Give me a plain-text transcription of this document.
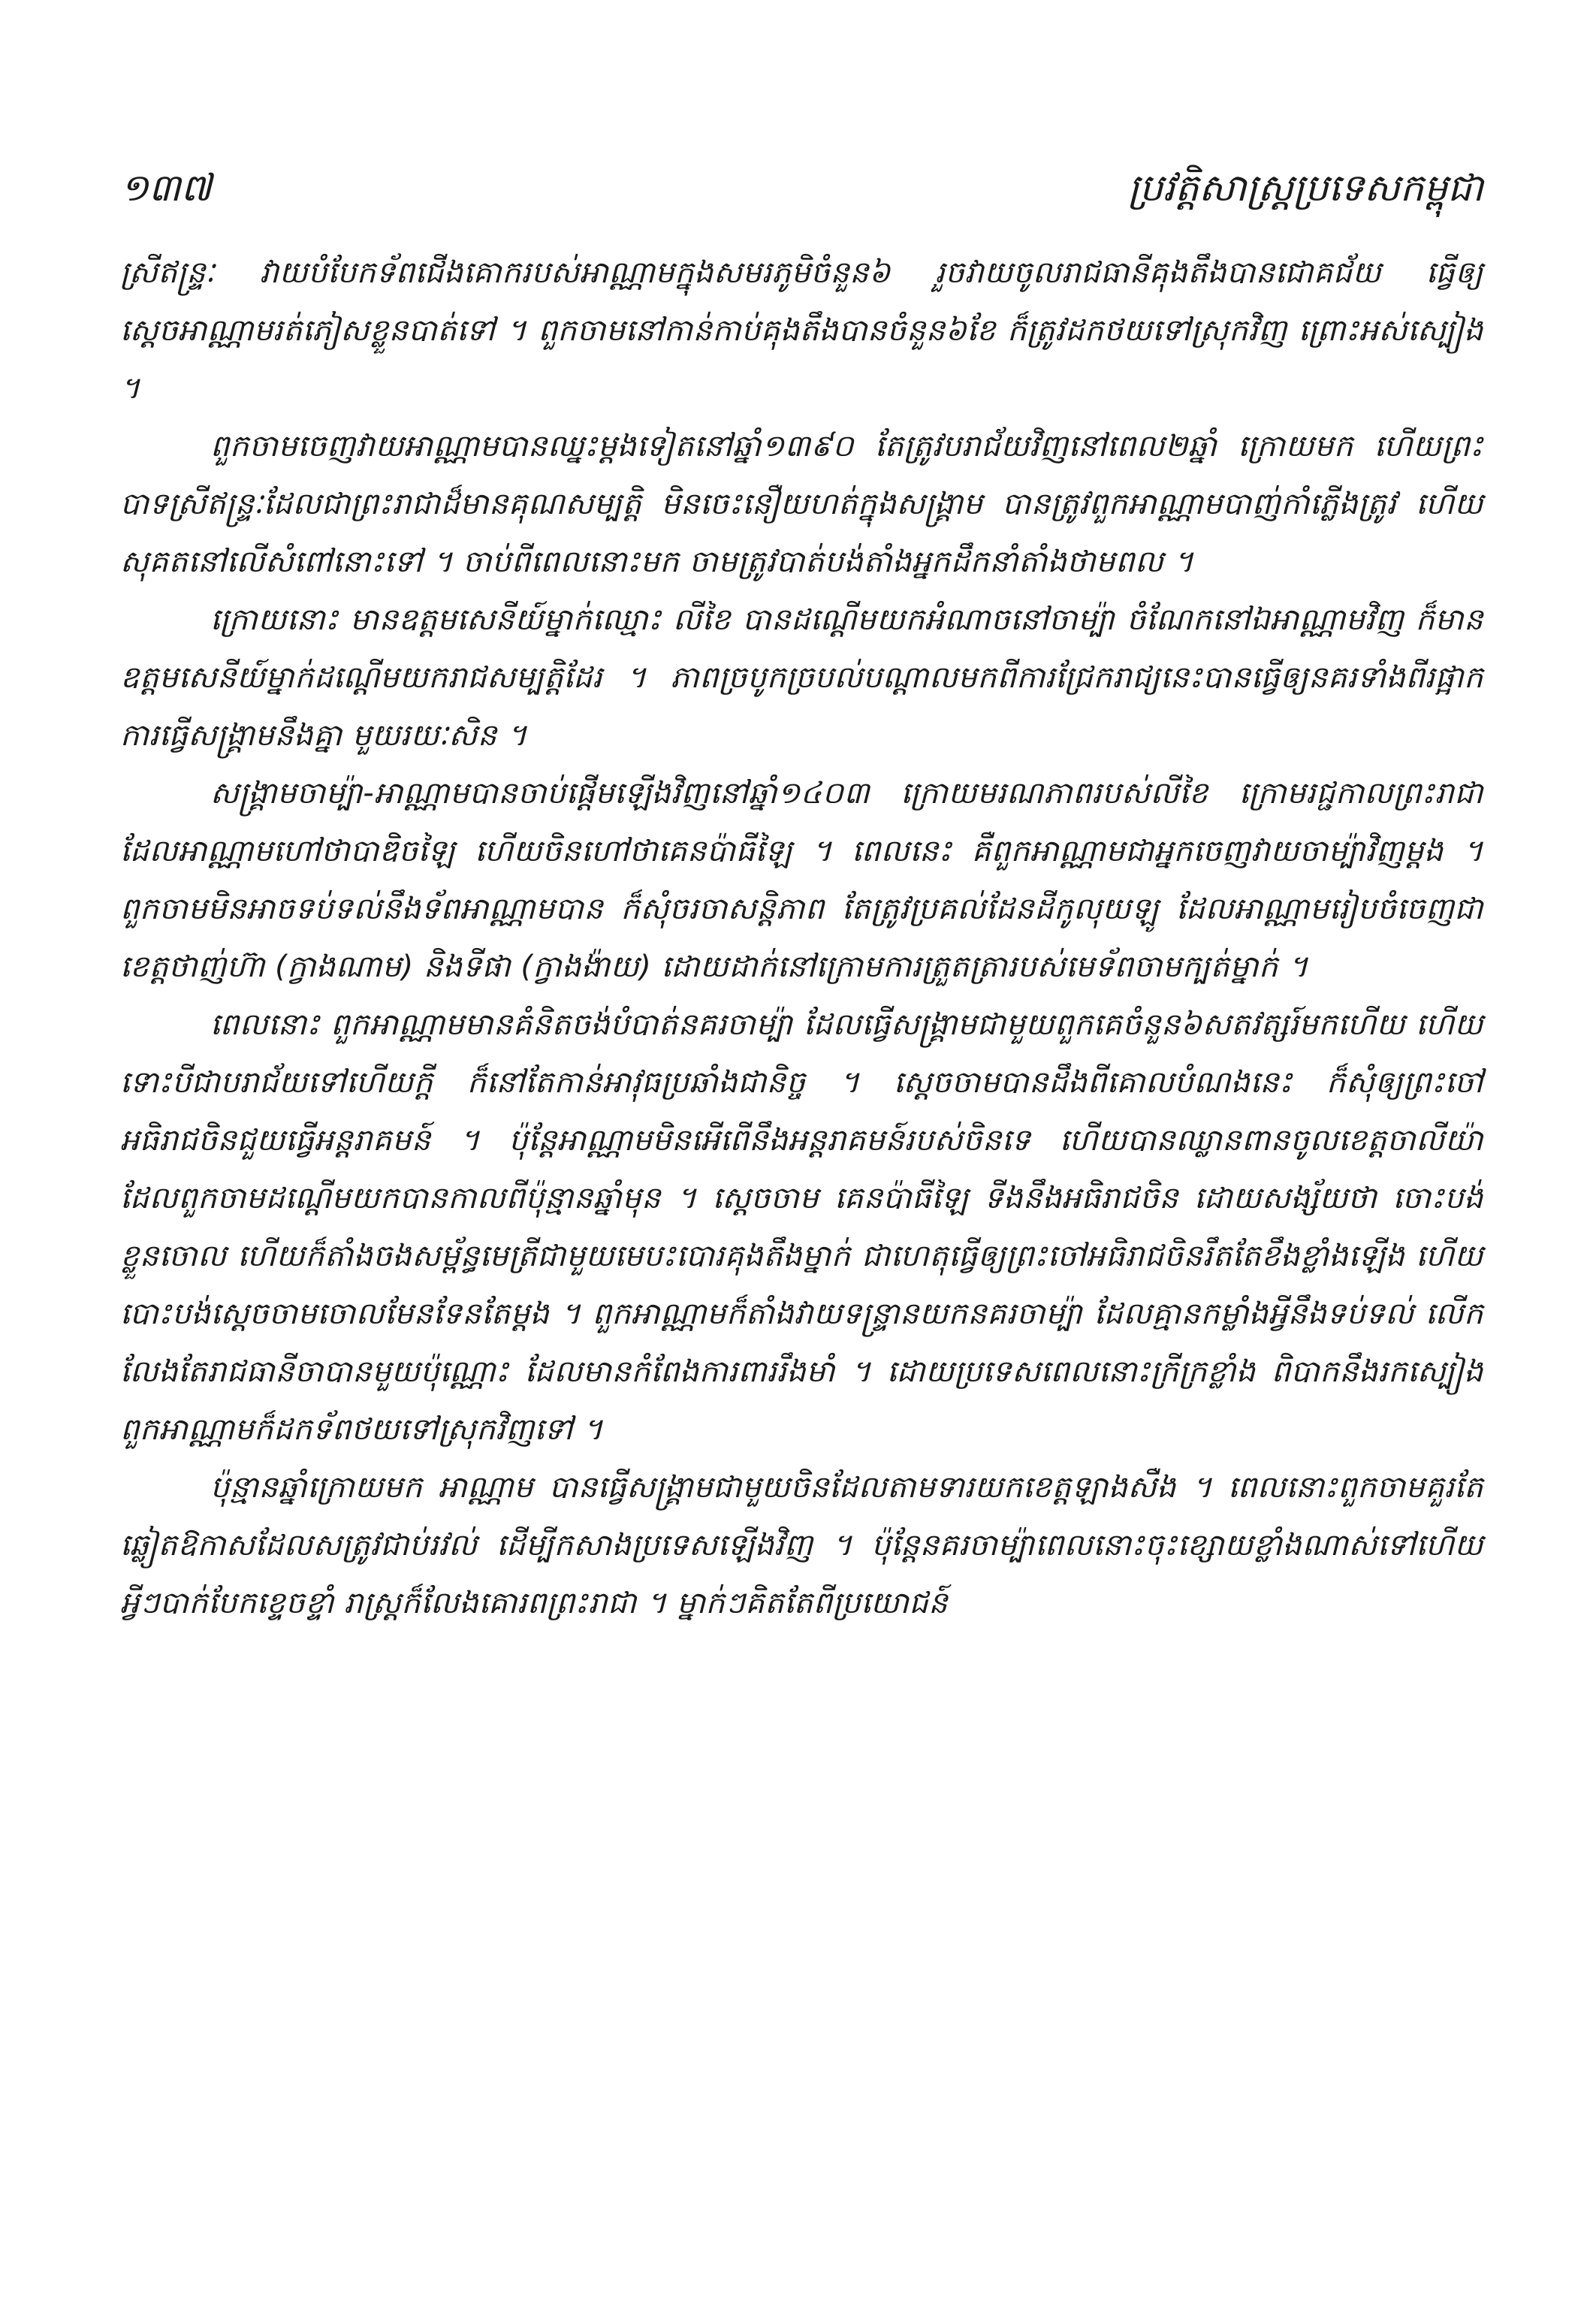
១៣៧	ប្រវត្តិសាស្ត្រប្រទេសកម្ពុជា

ស្រីឥន្ទ្រៈ វាយបំបែកទ័ពជើងគោករបស់អាណ្ណាមក្នុងសមរភូមិចំនួន៦ រួចវាយចូលរាជធានីគុងតឹងបានជោគជ័យ ធ្វើឲ្យស្តេចអាណ្ណាមរត់ភៀសខ្លួនបាត់ទៅ ។ ពួកចាមនៅកាន់កាប់គុងតឹងបានចំនួន៦ខែ ក៏ត្រូវដកថយទៅស្រុកវិញ ព្រោះអស់ស្បៀង ។

ពួកចាមចេញវាយអាណ្ណាមបានឈ្នះម្តងទៀតនៅឆ្នាំ១៣៩០ តែត្រូវបរាជ័យវិញនៅពេល២ឆ្នាំ ក្រោយមក ហើយព្រះបាទស្រីឥន្ទ្រៈដែលជាព្រះរាជាដ៏មានគុណសម្បត្តិ មិនចេះនឿយហត់ក្នុងសង្គ្រាម បានត្រូវពួកអាណ្ណាមបាញ់កាំភ្លើងត្រូវ ហើយសុគតនៅលើសំពៅនោះទៅ ។ ចាប់ពីពេលនោះមក ចាមត្រូវបាត់បង់តាំងអ្នកដឹកនាំតាំងថាមពល ។

ក្រោយនោះ មានឧត្តមសេនីយ៍ម្នាក់ឈ្មោះ លីខៃ បានដណ្តើមយកអំណាចនៅចាម្ប៉ា ចំណែកនៅឯអាណ្ណាមវិញ ក៏មានឧត្តមសេនីយ៍ម្នាក់ដណ្តើមយករាជសម្បត្តិដែរ ។ ភាពច្របូកច្របល់បណ្តាលមកពីការជ្រែករាជ្យនេះបានធ្វើឲ្យនគរទាំងពីរផ្អាកការធ្វើសង្គ្រាមនឹងគ្នា មួយរយៈសិន ។

សង្គ្រាមចាម្ប៉ា-អាណ្ណាមបានចាប់ផ្តើមឡើងវិញនៅឆ្នាំ១៤០៣ ក្រោយមរណភាពរបស់លីខៃ ក្រោមរជ្ជកាលព្រះរាជាដែលអាណ្ណាមហៅថាបាឌិចឡៃ ហើយចិនហៅថាគេនប៉ាធីឡៃ ។ ពេលនេះ គឺពួកអាណ្ណាមជាអ្នកចេញវាយចាម្ប៉ាវិញម្តង ។ ពួកចាមមិនអាចទប់ទល់នឹងទ័ពអាណ្ណាមបាន ក៏សុំចរចាសន្តិភាព តែត្រូវប្រគល់ដែនដីកូលុយឡូ ដែលអាណ្ណាមរៀបចំចេញជាខេត្តថាញ់ហ៊ា (ក្វាងណាម) និងទីផា (ក្វាងង៉ាយ) ដោយដាក់នៅក្រោមការត្រួតត្រារបស់មេទ័ពចាមក្បត់ម្នាក់ ។

ពេលនោះ ពួកអាណ្ណាមមានគំនិតចង់បំបាត់នគរចាម្ប៉ា ដែលធ្វើសង្គ្រាមជាមួយពួកគេចំនួន៦សតវត្សរ៍មកហើយ ហើយទោះបីជាបរាជ័យទៅហើយក្តី ក៏នៅតែកាន់អាវុធប្រឆាំងជានិច្ច ។ ស្តេចចាមបានដឹងពីគោលបំណងនេះ ក៏សុំឲ្យព្រះចៅអធិរាជចិនជួយធ្វើអន្តរាគមន៍ ។ ប៉ុន្តែអាណ្ណាមមិនអើពើនឹងអន្តរាគមន៍របស់ចិនទេ ហើយបានឈ្លានពានចូលខេត្តចាលីយ៉ា ដែលពួកចាមដណ្តើមយកបានកាលពីប៉ុន្មានឆ្នាំមុន ។ ស្តេចចាម គេនប៉ាធីឡៃ ទីងនឹងអធិរាជចិន ដោយសង្ស័យថា ចោះបង់ខ្លួនចោល ហើយក៏តាំងចងសម្ព័ន្ធមេត្រីជាមួយមេបះបោរគុងតឹងម្នាក់ ជាហេតុធ្វើឲ្យព្រះចៅអធិរាជចិនរឹតតែខឹងខ្លាំងឡើង ហើយបោះបង់ស្តេចចាមចោលមែនទែនតែម្តង ។ ពួកអាណ្ណាមក៏តាំងវាយទន្ទ្រានយកនគរចាម្ប៉ា ដែលគ្មានកម្លាំងអ្វីនឹងទប់ទល់ លើកលែងតែរាជធានីចាបានមួយប៉ុណ្ណោះ ដែលមានកំពែងការពាររឹងមាំ ។ ដោយប្រទេសពេលនោះក្រីក្រខ្លាំង ពិបាកនឹងរកស្បៀង ពួកអាណ្ណាមក៏ដកទ័ពថយទៅស្រុកវិញទៅ ។

ប៉ុន្មានឆ្នាំក្រោយមក អាណ្ណាម បានធ្វើសង្គ្រាមជាមួយចិនដែលតាមទារយកខេត្តឡាងសឺង ។ ពេលនោះពួកចាមគួរតែឆ្លៀតឱកាសដែលសត្រូវជាប់រវល់ ដើម្បីកសាងប្រទេសឡើងវិញ ។ ប៉ុន្តែនគរចាម្ប៉ាពេលនោះចុះខ្សោយខ្លាំងណាស់ទៅហើយ អ្វីៗបាក់បែកខ្ទេចខ្ទាំ រាស្ត្រក៏លែងគោរពព្រះរាជា ។ ម្នាក់ៗគិតតែពីប្រយោជន៍
